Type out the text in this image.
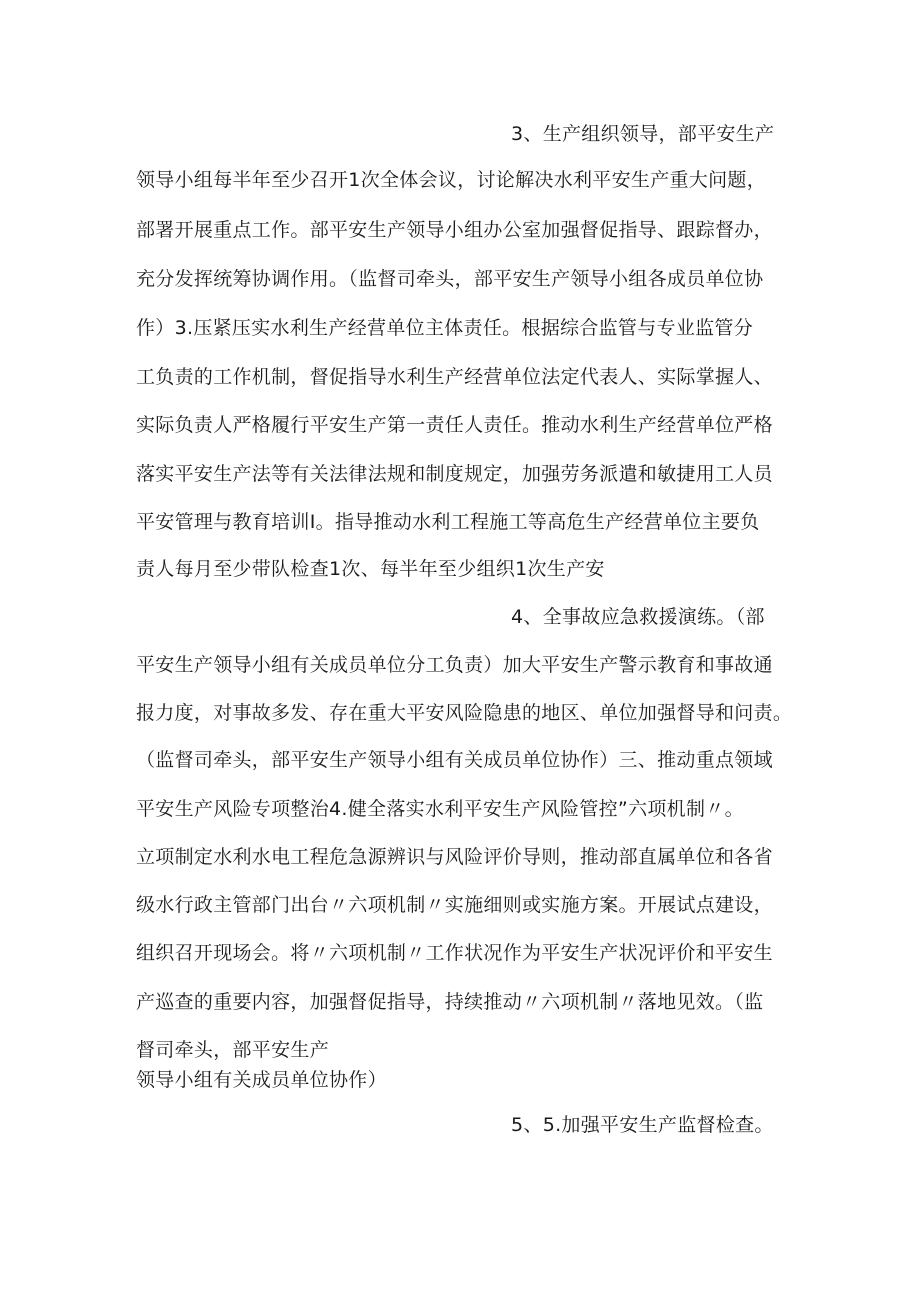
3、生产组织领导，部平安生产
领导小组每半年至少召开1次全体会议，讨论解决水利平安生产重大问题，
部署开展重点工作。部平安生产领导小组办公室加强督促指导、跟踪督办，
充分发挥统筹协调作用。（监督司牵头，部平安生产领导小组各成员单位协
作）3.压紧压实水利生产经营单位主体责任。根据综合监管与专业监管分
工负责的工作机制，督促指导水利生产经营单位法定代表人、实际掌握人、
实际负责人严格履行平安生产第一责任人责任。推动水利生产经营单位严格
落实平安生产法等有关法律法规和制度规定，加强劳务派遣和敏捷用工人员
平安管理与教育培训I。指导推动水利工程施工等高危生产经营单位主要负
责人每月至少带队检查1次、每半年至少组织1次生产安
4、全事故应急救援演练。（部
平安生产领导小组有关成员单位分工负责）加大平安生产警示教育和事故通
报力度，对事故多发、存在重大平安风险隐患的地区、单位加强督导和问责。
（监督司牵头，部平安生产领导小组有关成员单位协作）三、推动重点领域
平安生产风险专项整治4.健全落实水利平安生产风险管控”六项机制〃。
立项制定水利水电工程危急源辨识与风险评价导则，推动部直属单位和各省
级水行政主管部门出台〃六项机制〃实施细则或实施方案。开展试点建设，
组织召开现场会。将〃六项机制〃工作状况作为平安生产状况评价和平安生
产巡查的重要内容，加强督促指导，持续推动〃六项机制〃落地见效。（监
督司牵头，部平安生产
领导小组有关成员单位协作）
5、5.加强平安生产监督检查。
